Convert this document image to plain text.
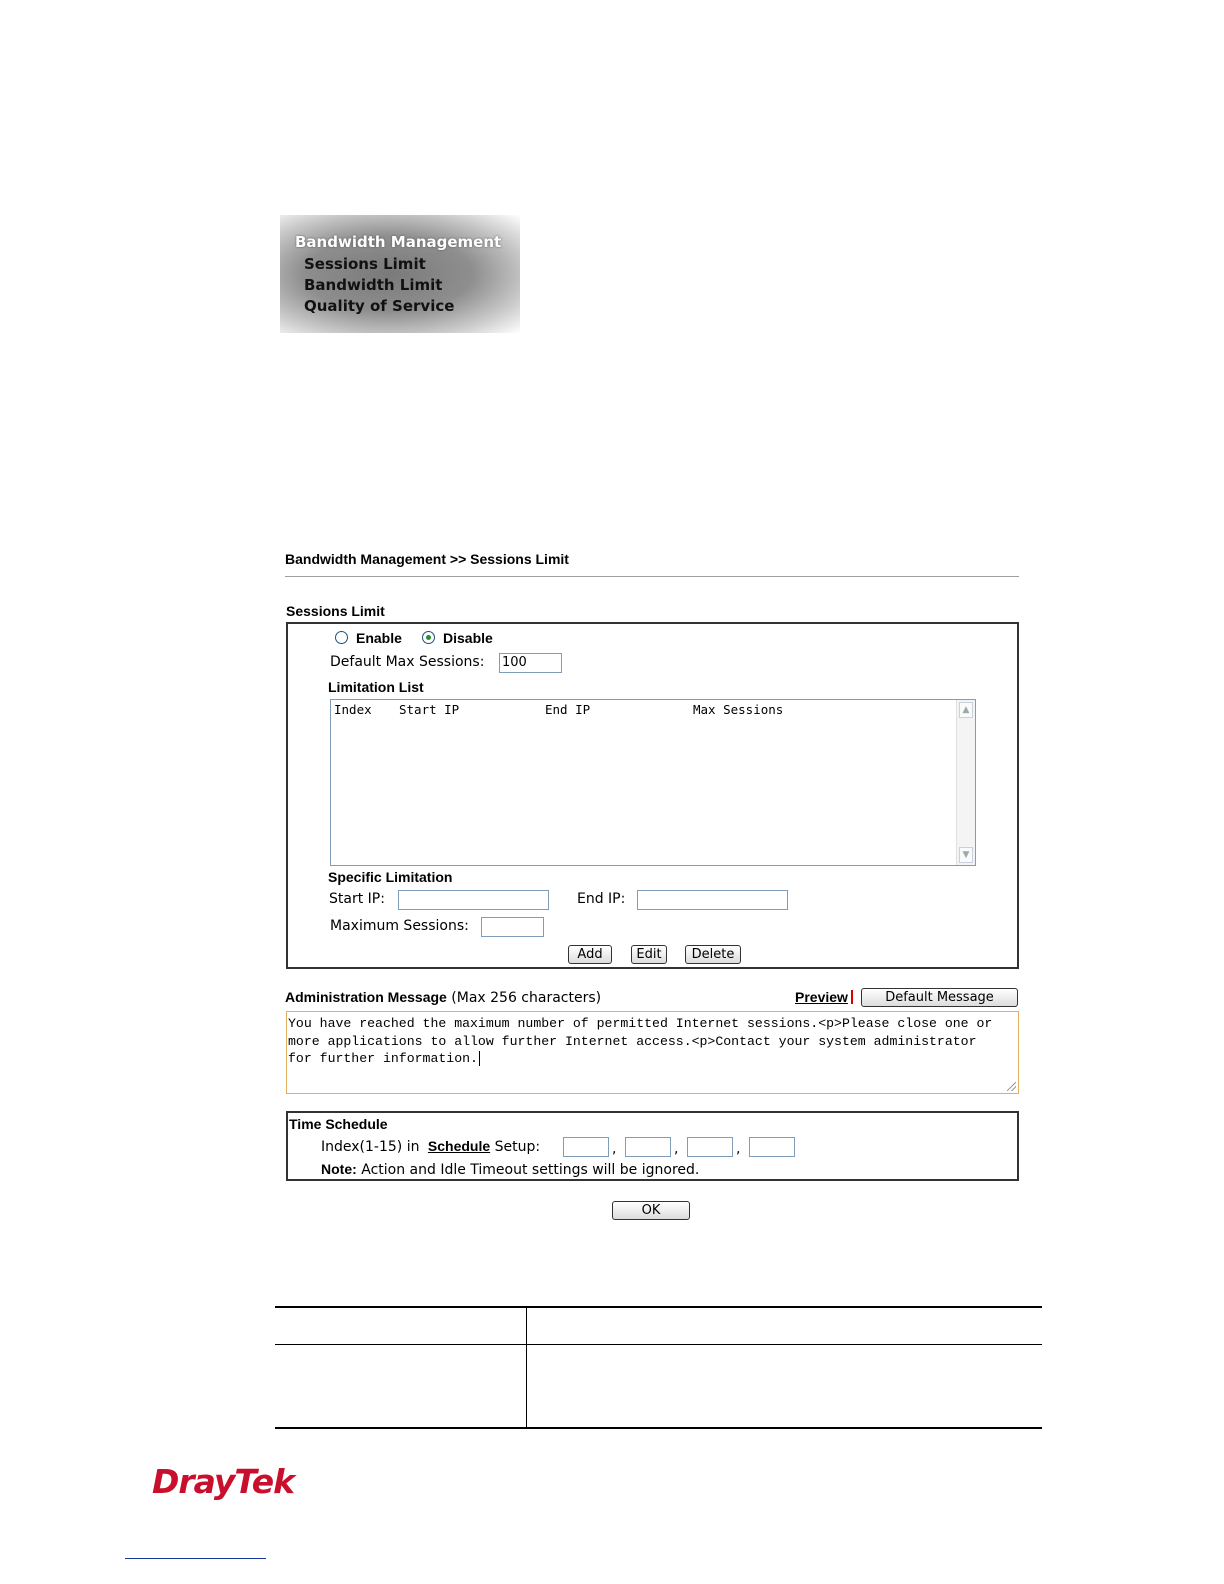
Bandwidth Management
Sessions Limit
Bandwidth Limit
Quality of Service
Bandwidth Management >> Sessions Limit
Sessions Limit
Enable	Disable
Default Max Sessions: 100
Limitation List
Index Start IP	End IP	Max Sessions	▲
▼
Specific Limitation
Start IP:	End IP:
Maximum Sessions:
Add	Edit	Delete
Administration Message (Max 256 characters)	Preview	Default Message
You have reached the maximum number of permitted Internet sessions.<p>Please close one or
more applications to allow further Internet access.<p>Contact your system administrator
for further information.
Time Schedule
Index(1-15) in Schedule Setup:	,	,	,
Note: Action and Idle Timeout settings will be ignored.
OK
DrayTek
